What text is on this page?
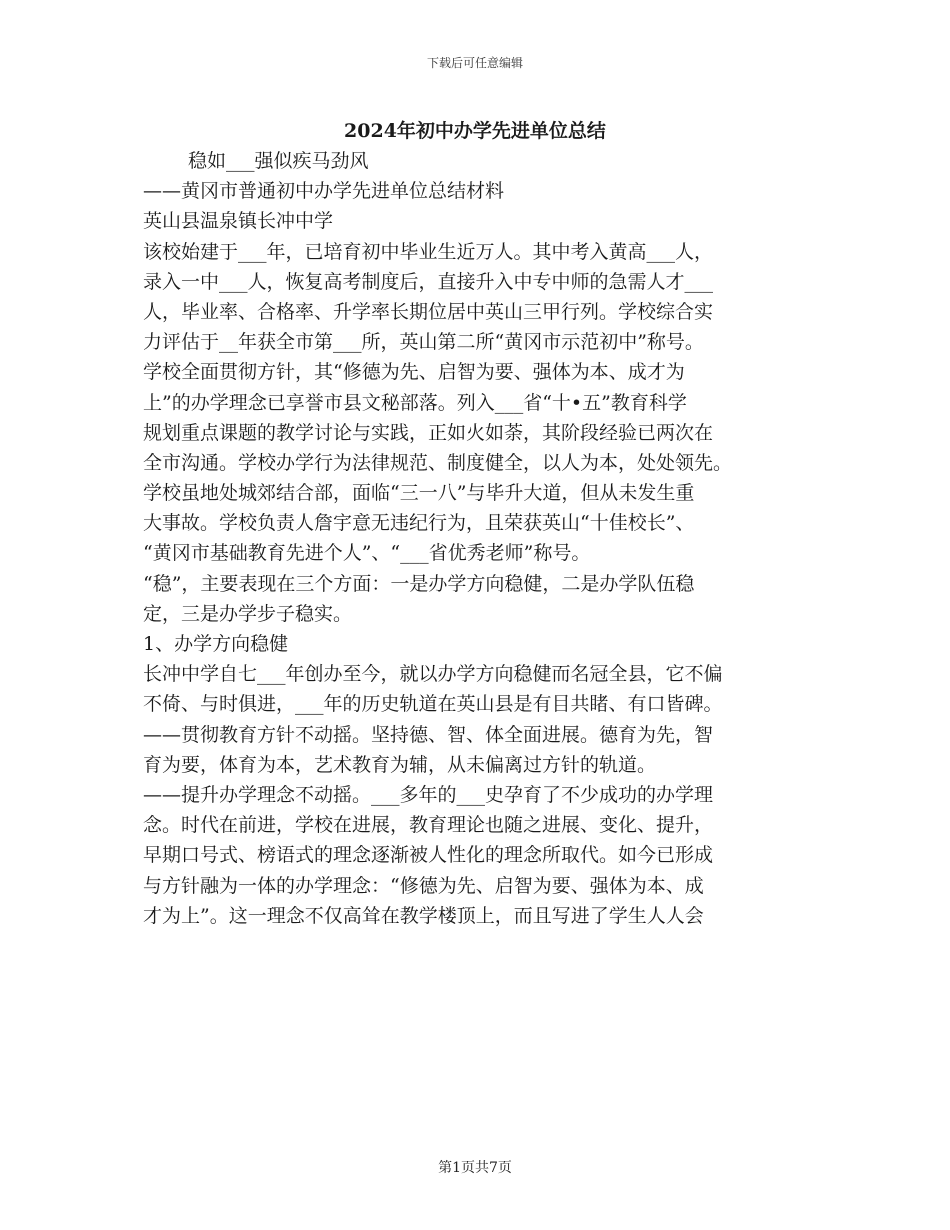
下载后可任意编辑
2024年初中办学先进单位总结
稳如___强似疾马劲风
——黄冈市普通初中办学先进单位总结材料
英山县温泉镇长冲中学
该校始建于___年，已培育初中毕业生近万人。其中考入黄高___人，
录入一中___人，恢复高考制度后，直接升入中专中师的急需人才___
人，毕业率、合格率、升学率长期位居中英山三甲行列。学校综合实
力评估于__年获全市第___所，英山第二所“黄冈市示范初中”称号。
学校全面贯彻方针，其“修德为先、启智为要、强体为本、成才为
上”的办学理念已享誉市县文秘部落。列入___省“十•五”教育科学
规划重点课题的教学讨论与实践，正如火如荼，其阶段经验已两次在
全市沟通。学校办学行为法律规范、制度健全，以人为本，处处领先。
学校虽地处城郊结合部，面临“三一八”与毕升大道，但从未发生重
大事故。学校负责人詹宇意无违纪行为，且荣获英山“十佳校长”、
“黄冈市基础教育先进个人”、“___省优秀老师”称号。
“稳”，主要表现在三个方面：一是办学方向稳健，二是办学队伍稳
定，三是办学步子稳实。
1、办学方向稳健
长冲中学自七___年创办至今，就以办学方向稳健而名冠全县，它不偏
不倚、与时俱进，___年的历史轨道在英山县是有目共睹、有口皆碑。
——贯彻教育方针不动摇。坚持德、智、体全面进展。德育为先，智
育为要，体育为本，艺术教育为辅，从未偏离过方针的轨道。
——提升办学理念不动摇。___多年的___史孕育了不少成功的办学理
念。时代在前进，学校在进展，教育理论也随之进展、变化、提升，
早期口号式、榜语式的理念逐渐被人性化的理念所取代。如今已形成
与方针融为一体的办学理念：“修德为先、启智为要、强体为本、成
才为上”。这一理念不仅高耸在教学楼顶上，而且写进了学生人人会
第1页共7页
